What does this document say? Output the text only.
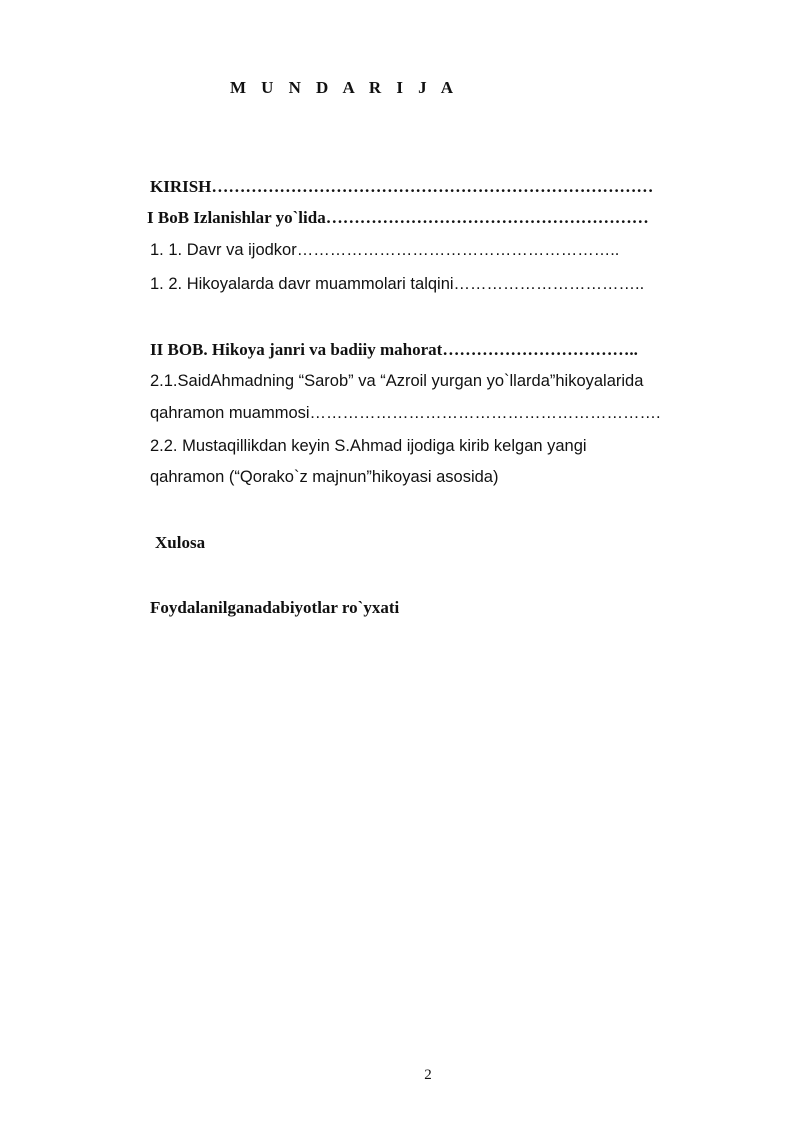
M U N D A R I J A
KIRISH……………………………………………………………………
I BoB Izlanishlar yo`lida…………………………………………………
1. 1. Davr va ijodkor…………………………………………………..
1. 2. Hikoyalarda davr muammolari talqini……………………………..
II BOB. Hikoya janri va badiiy mahorat……………………………..
2.1.SaidAhmadning “Sarob” va “Azroil yurgan yo`llarda”hikoyalarida
qahramon muammosi……………………………………………………….
2.2. Mustaqillikdan keyin S.Ahmad ijodiga kirib kelgan yangi
qahramon (“Qorako`z majnun”hikoyasi asosida)
Xulosa
Foydalanilganadabiyotlar ro`yxati
2
